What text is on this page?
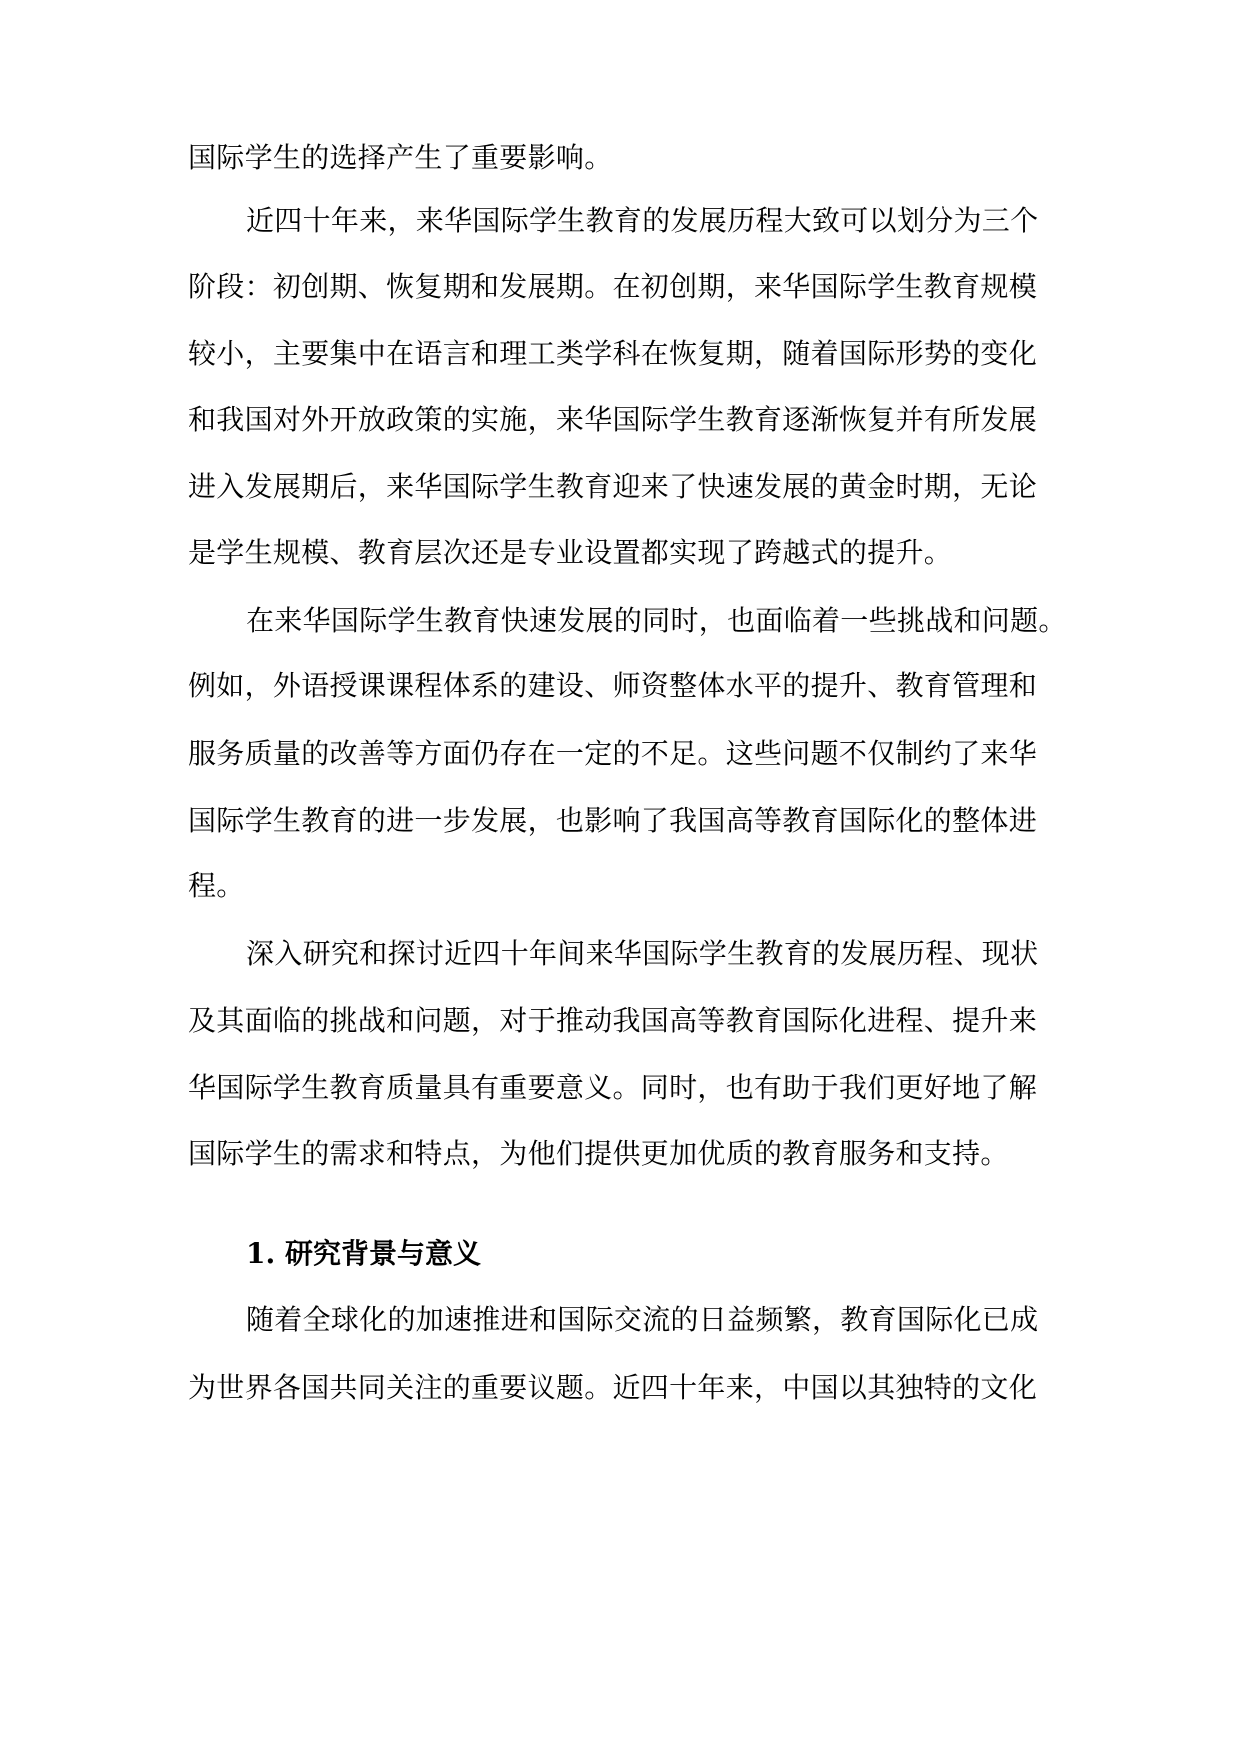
国际学生的选择产生了重要影响。
近四十年来，来华国际学生教育的发展历程大致可以划分为三个
阶段：初创期、恢复期和发展期。在初创期，来华国际学生教育规模
较小，主要集中在语言和理工类学科在恢复期，随着国际形势的变化
和我国对外开放政策的实施，来华国际学生教育逐渐恢复并有所发展
进入发展期后，来华国际学生教育迎来了快速发展的黄金时期，无论
是学生规模、教育层次还是专业设置都实现了跨越式的提升。
在来华国际学生教育快速发展的同时，也面临着一些挑战和问题。
例如，外语授课课程体系的建设、师资整体水平的提升、教育管理和
服务质量的改善等方面仍存在一定的不足。这些问题不仅制约了来华
国际学生教育的进一步发展，也影响了我国高等教育国际化的整体进
程。
深入研究和探讨近四十年间来华国际学生教育的发展历程、现状
及其面临的挑战和问题，对于推动我国高等教育国际化进程、提升来
华国际学生教育质量具有重要意义。同时，也有助于我们更好地了解
国际学生的需求和特点，为他们提供更加优质的教育服务和支持。
1. 研究背景与意义
随着全球化的加速推进和国际交流的日益频繁，教育国际化已成
为世界各国共同关注的重要议题。近四十年来，中国以其独特的文化
